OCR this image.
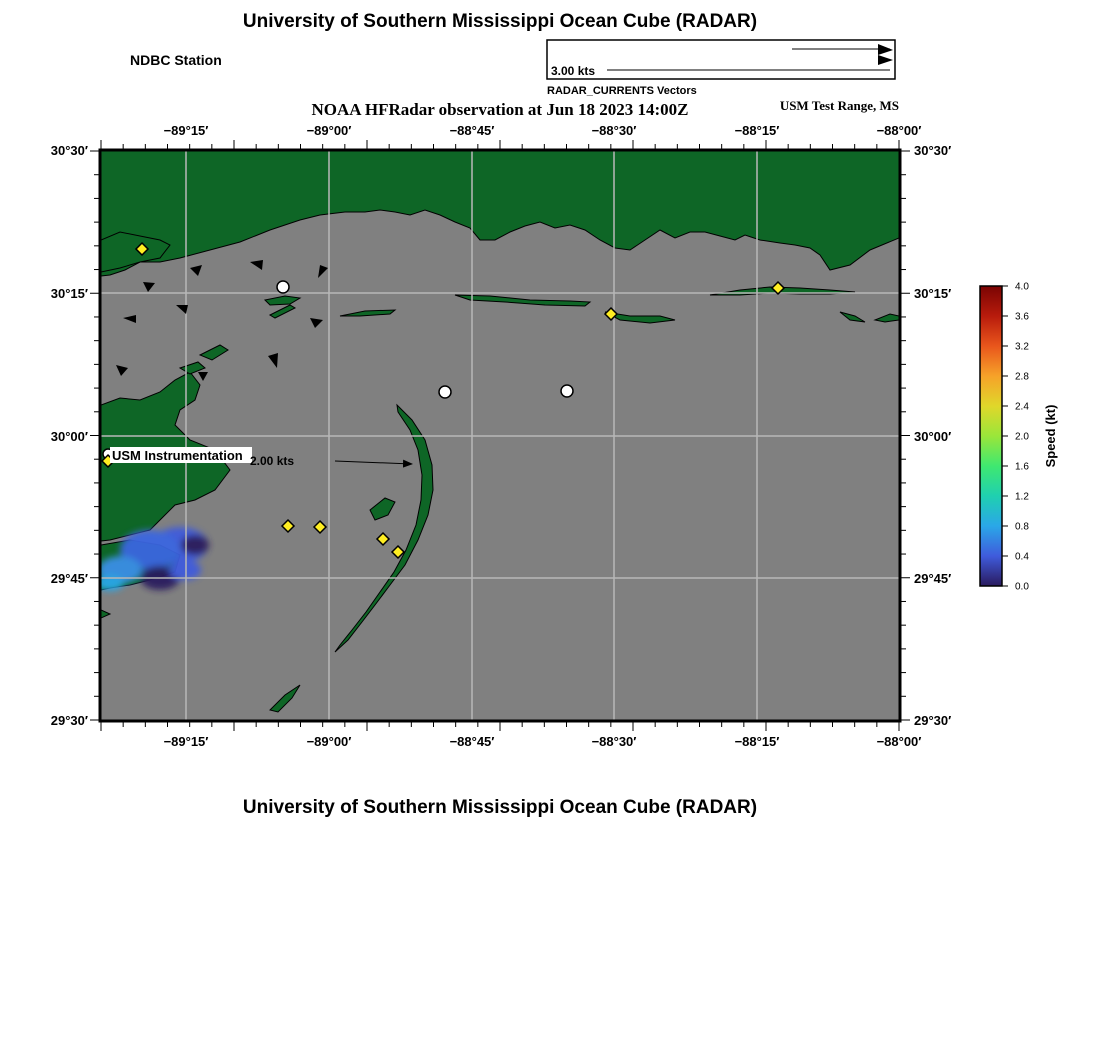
University of Southern Mississippi Ocean Cube (RADAR)
NDBC Station
3.00 kts
RADAR_CURRENTS Vectors
NOAA HFRadar observation at Jun 18 2023 14:00Z	USM Test Range, MS
USM Instrumentation 2.00 kts
−89°15′	−89°00′	−88°45′	−88°30′	−88°15′	−88°00′
−89°15′	−89°00′	−88°45′	−88°30′	−88°15′	−88°00′
30°30′
30°15′
30°00′
29°45′
29°30′
30°30′
30°15′
30°00′
29°45′
29°30′
0.0
0.4
0.8
1.2
1.6
2.0
2.4
2.8
3.2
3.6
4.0
Speed (kt)
University of Southern Mississippi Ocean Cube (RADAR)
